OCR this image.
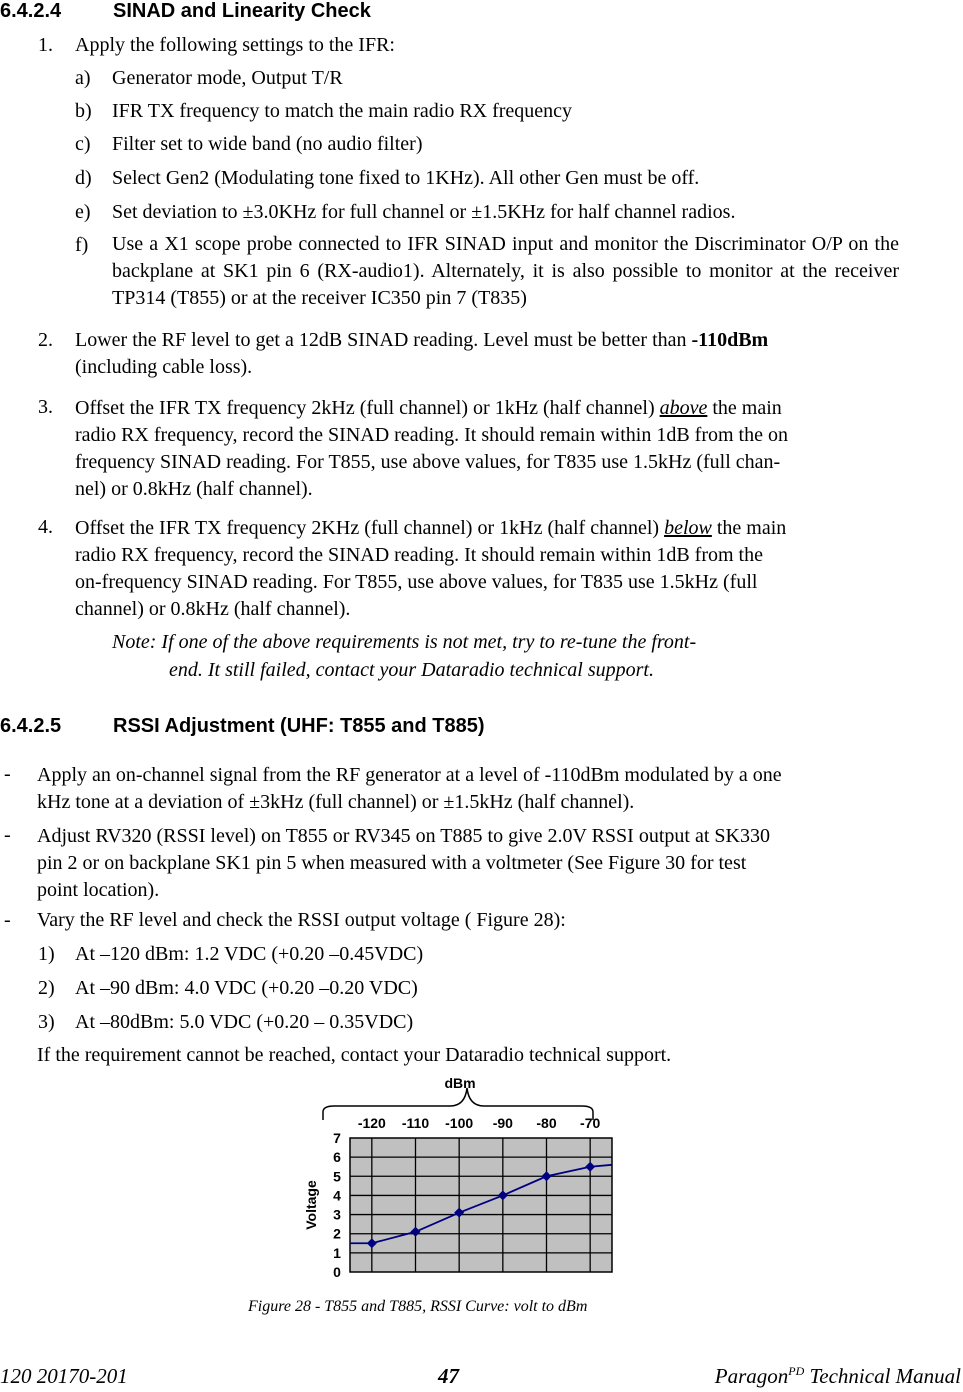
6.4.2.4	SINAD and Linearity Check
1. Apply the following settings to the IFR:
a) Generator mode, Output T/R
b) IFR TX frequency to match the main radio RX frequency
c) Filter set to wide band (no audio filter)
d) Select Gen2 (Modulating tone fixed to 1KHz). All other Gen must be off.
e) Set deviation to ±3.0KHz for full channel or ±1.5KHz for half channel radios.
f) Use a X1 scope probe connected to IFR SINAD input and monitor the Discriminator O/P on the backplane at SK1 pin 6 (RX-audio1). Alternately, it is also possible to monitor at the receiver TP314 (T855) or at the receiver IC350 pin 7 (T835)
2. Lower the RF level to get a 12dB SINAD reading. Level must be better than -110dBm
(including cable loss).
3. Offset the IFR TX frequency 2kHz (full channel) or 1kHz (half channel) above the main
radio RX frequency, record the SINAD reading. It should remain within 1dB from the on
frequency SINAD reading. For T855, use above values, for T835 use 1.5kHz (full chan-
nel) or 0.8kHz (half channel).
4. Offset the IFR TX frequency 2KHz (full channel) or 1kHz (half channel) below the main
radio RX frequency, record the SINAD reading. It should remain within 1dB from the
on-frequency SINAD reading. For T855, use above values, for T835 use 1.5kHz (full
channel) or 0.8kHz (half channel).
Note: If one of the above requirements is not met, try to re-tune the front-
end. It still failed, contact your Dataradio technical support.
6.4.2.5	RSSI Adjustment (UHF: T855 and T885)
- Apply an on-channel signal from the RF generator at a level of -110dBm modulated by a one
kHz tone at a deviation of ±3kHz (full channel) or ±1.5kHz (half channel).
- Adjust RV320 (RSSI level) on T855 or RV345 on T885 to give 2.0V RSSI output at SK330
pin 2 or on backplane SK1 pin 5 when measured with a voltmeter (See Figure 30 for test
point location).
- Vary the RF level and check the RSSI output voltage ( Figure 28):
1) At –120 dBm: 1.2 VDC (+0.20 –0.45VDC)
2) At –90 dBm: 4.0 VDC (+0.20 –0.20 VDC)
3) At –80dBm: 5.0 VDC (+0.20 – 0.35VDC)
If the requirement cannot be reached, contact your Dataradio technical support.
-120 -110 -100 -90 -80 -70
dBm
0
1
2
3
4
5
6
7
Voltage
Figure 28 - T855 and T885, RSSI Curve: volt to dBm
120 20170-201	47	Paragon$^{PD}$ Technical Manual
